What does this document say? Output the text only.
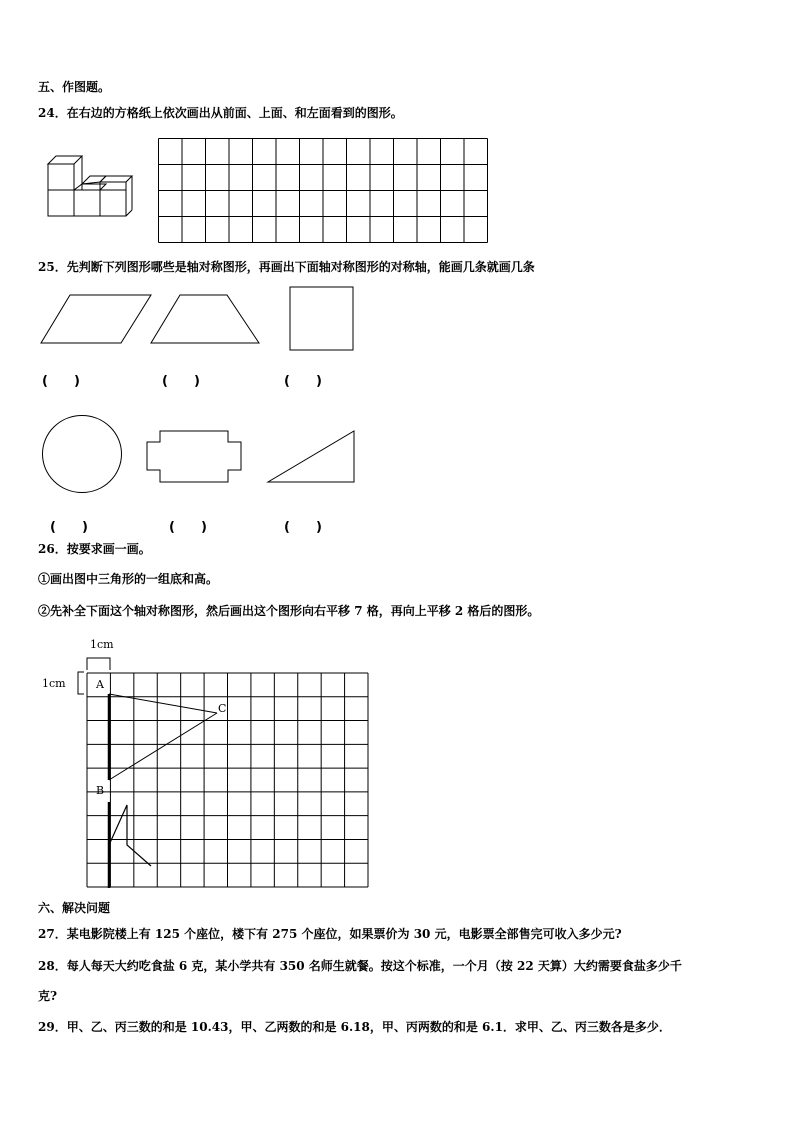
五、作图题。
24．在右边的方格纸上依次画出从前面、上面、和左面看到的图形。
25．先判断下列图形哪些是轴对称图形，再画出下面轴对称图形的对称轴，能画几条就画几条
(　　)	(　　)	(　　)
(　　)	(　　)	(　　)
26．按要求画一画。
①画出图中三角形的一组底和高。
②先补全下面这个轴对称图形，然后画出这个图形向右平移 7 格，再向上平移 2 格后的图形。
1cm
1cm	A
B
C
六、解决问题
27．某电影院楼上有 125 个座位，楼下有 275 个座位，如果票价为 30 元，电影票全部售完可收入多少元?
28．每人每天大约吃食盐 6 克，某小学共有 350 名师生就餐。按这个标准，一个月（按 22 天算）大约需要食盐多少千
克?
29．甲、乙、丙三数的和是 10.43，甲、乙两数的和是 6.18，甲、丙两数的和是 6.1．求甲、乙、丙三数各是多少．
